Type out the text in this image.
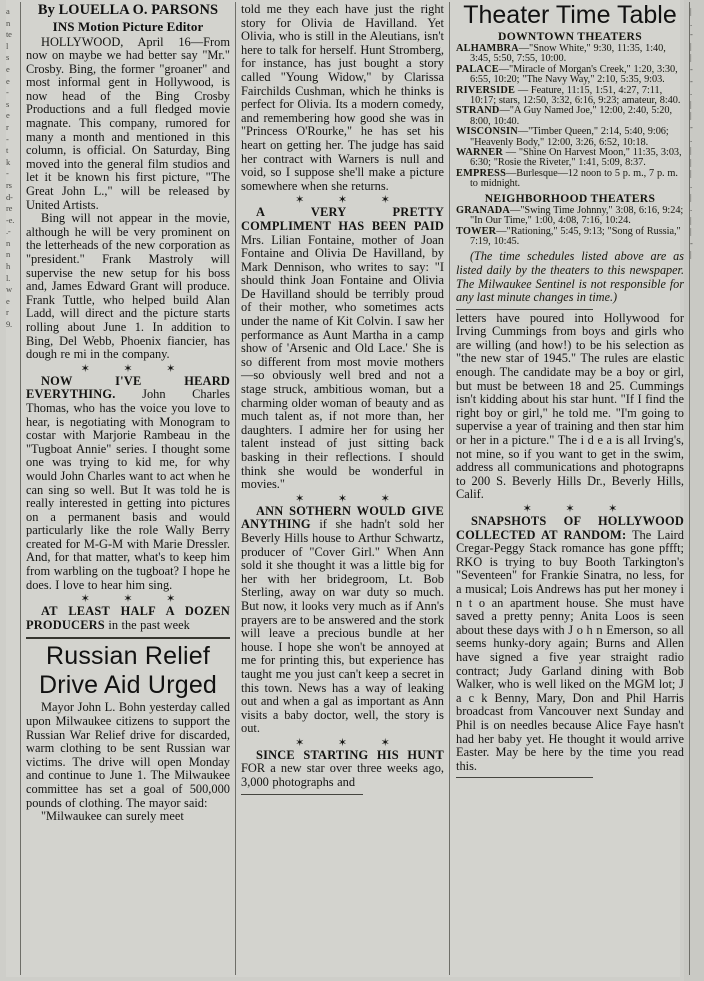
a
n
te
l
s
e
e
-
s
e
r
-
t
k
-
rs
d-
re
-e.
.-
n
n
h
l.
w
e
r
9.
By LOUELLA O. PARSONS
INS Motion Picture Editor

HOLLYWOOD, April 16—From now on maybe we had better say "Mr." Crosby. Bing, the former "groaner" and most informal gent in Hollywood, is now head of the Bing Crosby Productions and a full fledged movie magnate. This company, rumored for many a month and mentioned in this column, is official. On Saturday, Bing moved into the general film studios and let it be known his first picture, "The Great John L.," will be released by United Artists.

Bing will not appear in the movie, although he will be very prominent on the letterheads of the new corporation as "president." Frank Mastroly will supervise the new setup for his boss and, James Edward Grant will produce. Frank Tuttle, who helped build Alan Ladd, will direct and the picture starts rolling about June 1. In addition to Bing, Del Webb, Phoenix fiancier, has dough re mi in the company.

✶ ✶ ✶

NOW I'VE HEARD EVERYTHING. John Charles Thomas, who has the voice you love to hear, is negotiating with Monogram to costar with Marjorie Rambeau in the "Tugboat Annie" series. I thought some one was trying to kid me, for why would John Charles want to act when he can sing so well. But It was told he is really interested in getting into pictures on a permanent basis and would particularly like the role Wally Berry created for M-G-M with Marie Dressler. And, for that matter, what's to keep him from warbling on the tugboat? I hope he does. I love to hear him sing.

✶ ✶ ✶

AT LEAST HALF A DOZEN PRODUCERS in the past week

Russian Relief
Drive Aid Urged

Mayor John L. Bohn yesterday called upon Milwaukee citizens to support the Russian War Relief drive for discarded, warm clothing to be sent Russian war victims. The drive will open Monday and continue to June 1. The Milwaukee committee has set a goal of 500,000 pounds of clothing. The mayor said:

"Milwaukee can surely meet

told me they each have just the right story for Olivia de Havilland. Yet Olivia, who is still in the Aleutians, isn't here to talk for herself. Hunt Stromberg, for instance, has just bought a story called "Young Widow," by Clarissa Fairchilds Cushman, which he thinks is perfect for Olivia. Its a modern comedy, and remembering how good she was in "Princess O'Rourke," he has set his heart on getting her. The judge has said her contract with Warners is null and void, so I suppose she'll make a picture somewhere when she returns.

✶ ✶ ✶

A VERY PRETTY COMPLIMENT HAS BEEN PAID Mrs. Lilian Fontaine, mother of Joan Fontaine and Olivia De Havilland, by Mark Dennison, who writes to say: "I should think Joan Fontaine and Olivia De Havilland should be terribly proud of their mother, who sometimes acts under the name of Kit Colvin. I saw her performance as Aunt Martha in a camp show of 'Arsenic and Old Lace.' She is so different from most movie mothers —so obviously well bred and not a stage struck, ambitious woman, but a charming older woman of beauty and as much talent as, if not more than, her daughters. I admire her for using her talent instead of just sitting back basking in their reflections. I should think she would be wonderful in movies."

✶ ✶ ✶

ANN SOTHERN WOULD GIVE ANYTHING if she hadn't sold her Beverly Hills house to Arthur Schwartz, producer of "Cover Girl." When Ann sold it she thought it was a little big for her with her bridegroom, Lt. Bob Sterling, away on war duty so much. But now, it looks very much as if Ann's prayers are to be answered and the stork will leave a precious bundle at her house. I hope she won't be annoyed at me for printing this, but experience has taught me you just can't keep a secret in this town. News has a way of leaking out and when a gal as important as Ann visits a baby doctor, well, the story is out.

✶ ✶ ✶

SINCE STARTING HIS HUNT FOR a new star over three weeks ago, 3,000 photographs and

Theater Time Table
DOWNTOWN THEATERS

ALHAMBRA—"Snow White," 9:30, 11:35, 1:40, 3:45, 5:50, 7:55, 10:00.

PALACE—"Miracle of Morgan's Creek," 1:20, 3:30, 6:55, 10:20; "The Navy Way," 2:10, 5:35, 9:03.

RIVERSIDE — Feature, 11:15, 1:51, 4:27, 7:11, 10:17; stars, 12:50, 3:32, 6:16, 9:23; amateur, 8:40.

STRAND—"A Guy Named Joe," 12:00, 2:40, 5:20, 8:00, 10:40.

WISCONSIN—"Timber Queen," 2:14, 5:40, 9:06; "Heavenly Body," 12:00, 3:26, 6:52, 10:18.

WARNER — "Shine On Harvest Moon," 11:35, 3:03, 6:30; "Rosie the Riveter," 1:41, 5:09, 8:37.

EMPRESS—Burlesque—12 noon to 5 p. m., 7 p. m. to midnight.

NEIGHBORHOOD THEATERS

GRANADA—"Swing Time Johnny," 3:08, 6:16, 9:24; "In Our Time," 1:00, 4:08, 7:16, 10:24.

TOWER—"Rationing," 5:45, 9:13; "Song of Russia," 7:19, 10:45.

(The time schedules listed above are as listed daily by the theaters to this newspaper. The Milwaukee Sentinel is not responsible for any last minute changes in time.)

letters have poured into Hollywood for Irving Cummings from boys and girls who are willing (and how!) to be his selection as "the new star of 1945." The rules are elastic enough. The candidate may be a boy or girl, but must be between 18 and 25. Cummings isn't kidding about his star hunt. "If I find the right boy or girl," he told me. "I'm going to supervise a year of training and then star him or her in a picture." The i d e a is all Irving's, not mine, so if you want to get in the swim, address all communications and photograpns to 200 S. Beverly Hills Dr., Beverly Hills, Calif.

✶ ✶ ✶

SNAPSHOTS OF HOLLYWOOD COLLECTED AT RANDOM: The Laird Cregar-Peggy Stack romance has gone pffft; RKO is trying to buy Booth Tarkington's "Seventeen" for Frankie Sinatra, no less, for a musical; Lois Andrews has put her money i n t o an apartment house. She must have saved a pretty penny; Anita Loos is seen about these days with J o h n Emerson, so all seems hunky-dory again; Burns and Allen have signed a five year straight radio contract; Judy Garland dining with Bob Walker, who is well liked on the MGM lot; J a c k Benny, Mary, Don and Phil Harris broadcast from Vancouver next Sunday and Phil is on needles because Alice Faye hasn't had her baby yet. He thought it would arrive Easter. May be here by the time you read this.

|
.
-
|
|
-
-
.
|
|
-
.
|
|
|
.
|
.
|
|
-
|
